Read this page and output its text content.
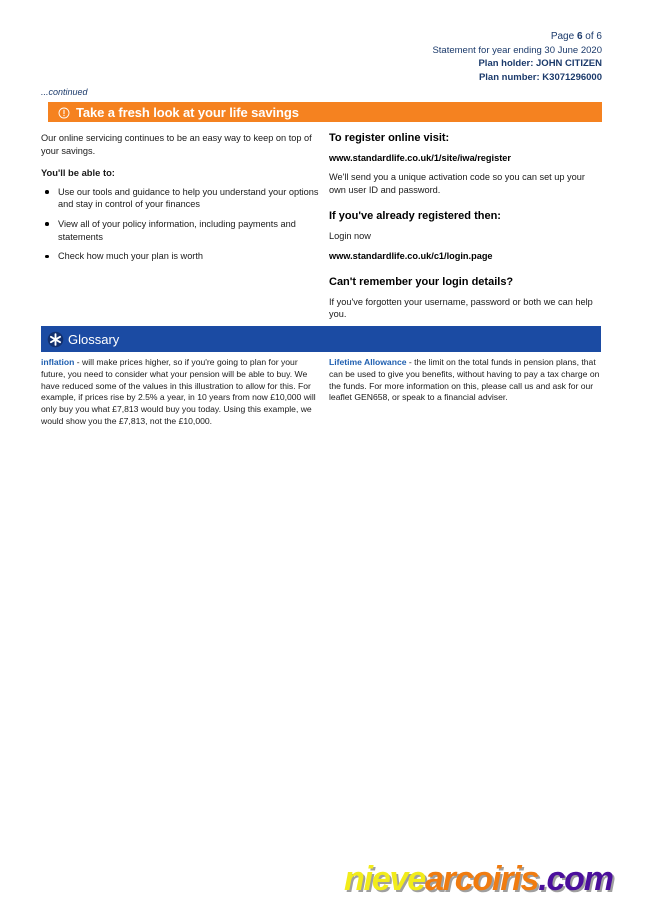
Page 6 of 6
Statement for year ending 30 June 2020
Plan holder: JOHN CITIZEN
Plan number: K3071296000
...continued
Take a fresh look at your life savings

Our online servicing continues to be an easy way to keep on top of your savings.

You'll be able to:

Use our tools and guidance to help you understand your options and stay in control of your finances
View all of your policy information, including payments and statements
Check how much your plan is worth

To register online visit:

www.standardlife.co.uk/1/site/iwa/register

We'll send you a unique activation code so you can set up your own user ID and password.

If you've already registered then:

Login now

www.standardlife.co.uk/c1/login.page

Can't remember your login details?

If you've forgotten your username, password or both we can help you.

Glossary
inflation - will make prices higher, so if you're going to plan for your future, you need to consider what your pension will be able to buy. We have reduced some of the values in this illustration to allow for this. For example, if prices rise by 2.5% a year, in 10 years from now £10,000 will only buy you what £7,813 would buy you today. Using this example, we would show you the £7,813, not the £10,000.
Lifetime Allowance - the limit on the total funds in pension plans, that can be used to give you benefits, without having to pay a tax charge on the funds. For more information on this, please call us and ask for our leaflet GEN658, or speak to a financial adviser.
nievearcoiris.com
